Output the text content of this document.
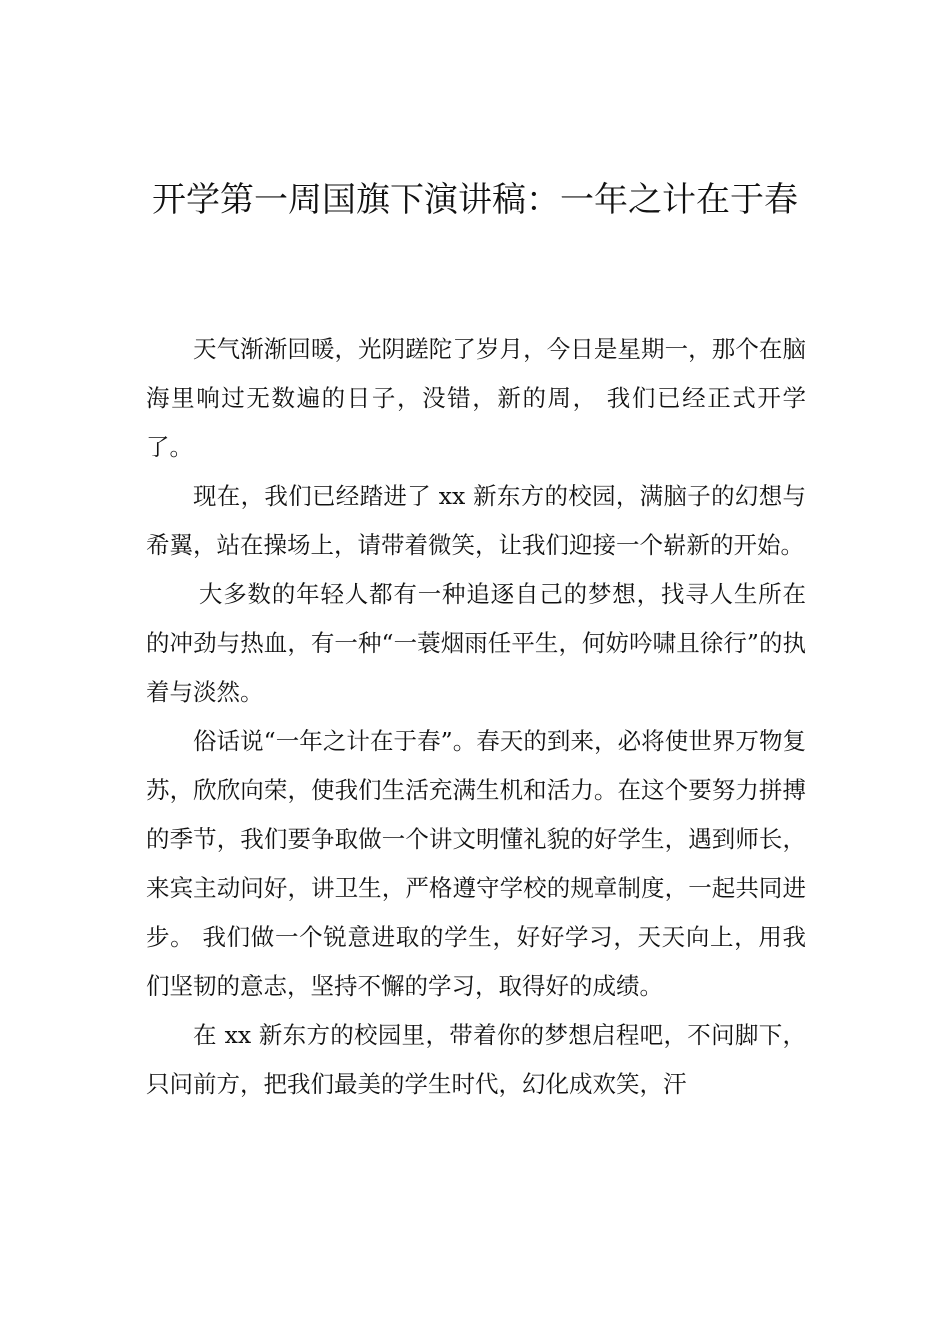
开学第一周国旗下演讲稿：一年之计在于春

天气渐渐回暖，光阴蹉陀了岁月，今日是星期一，那个在脑海里响过无数遍的日子，没错，新的周， 我们已经正式开学了。

现在，我们已经踏进了 xx 新东方的校园，满脑子的幻想与希翼，站在操场上，请带着微笑，让我们迎接一个崭新的开始。

大多数的年轻人都有一种追逐自己的梦想，找寻人生所在的冲劲与热血，有一种“一蓑烟雨任平生，何妨吟啸且徐行”的执着与淡然。

俗话说“一年之计在于春”。春天的到来，必将使世界万物复苏，欣欣向荣，使我们生活充满生机和活力。在这个要努力拼搏的季节，我们要争取做一个讲文明懂礼貌的好学生，遇到师长，来宾主动问好，讲卫生，严格遵守学校的规章制度，一起共同进步。 我们做一个锐意进取的学生，好好学习，天天向上，用我们坚韧的意志，坚持不懈的学习，取得好的成绩。

在 xx 新东方的校园里，带着你的梦想启程吧，不问脚下，只问前方，把我们最美的学生时代，幻化成欢笑，汗
